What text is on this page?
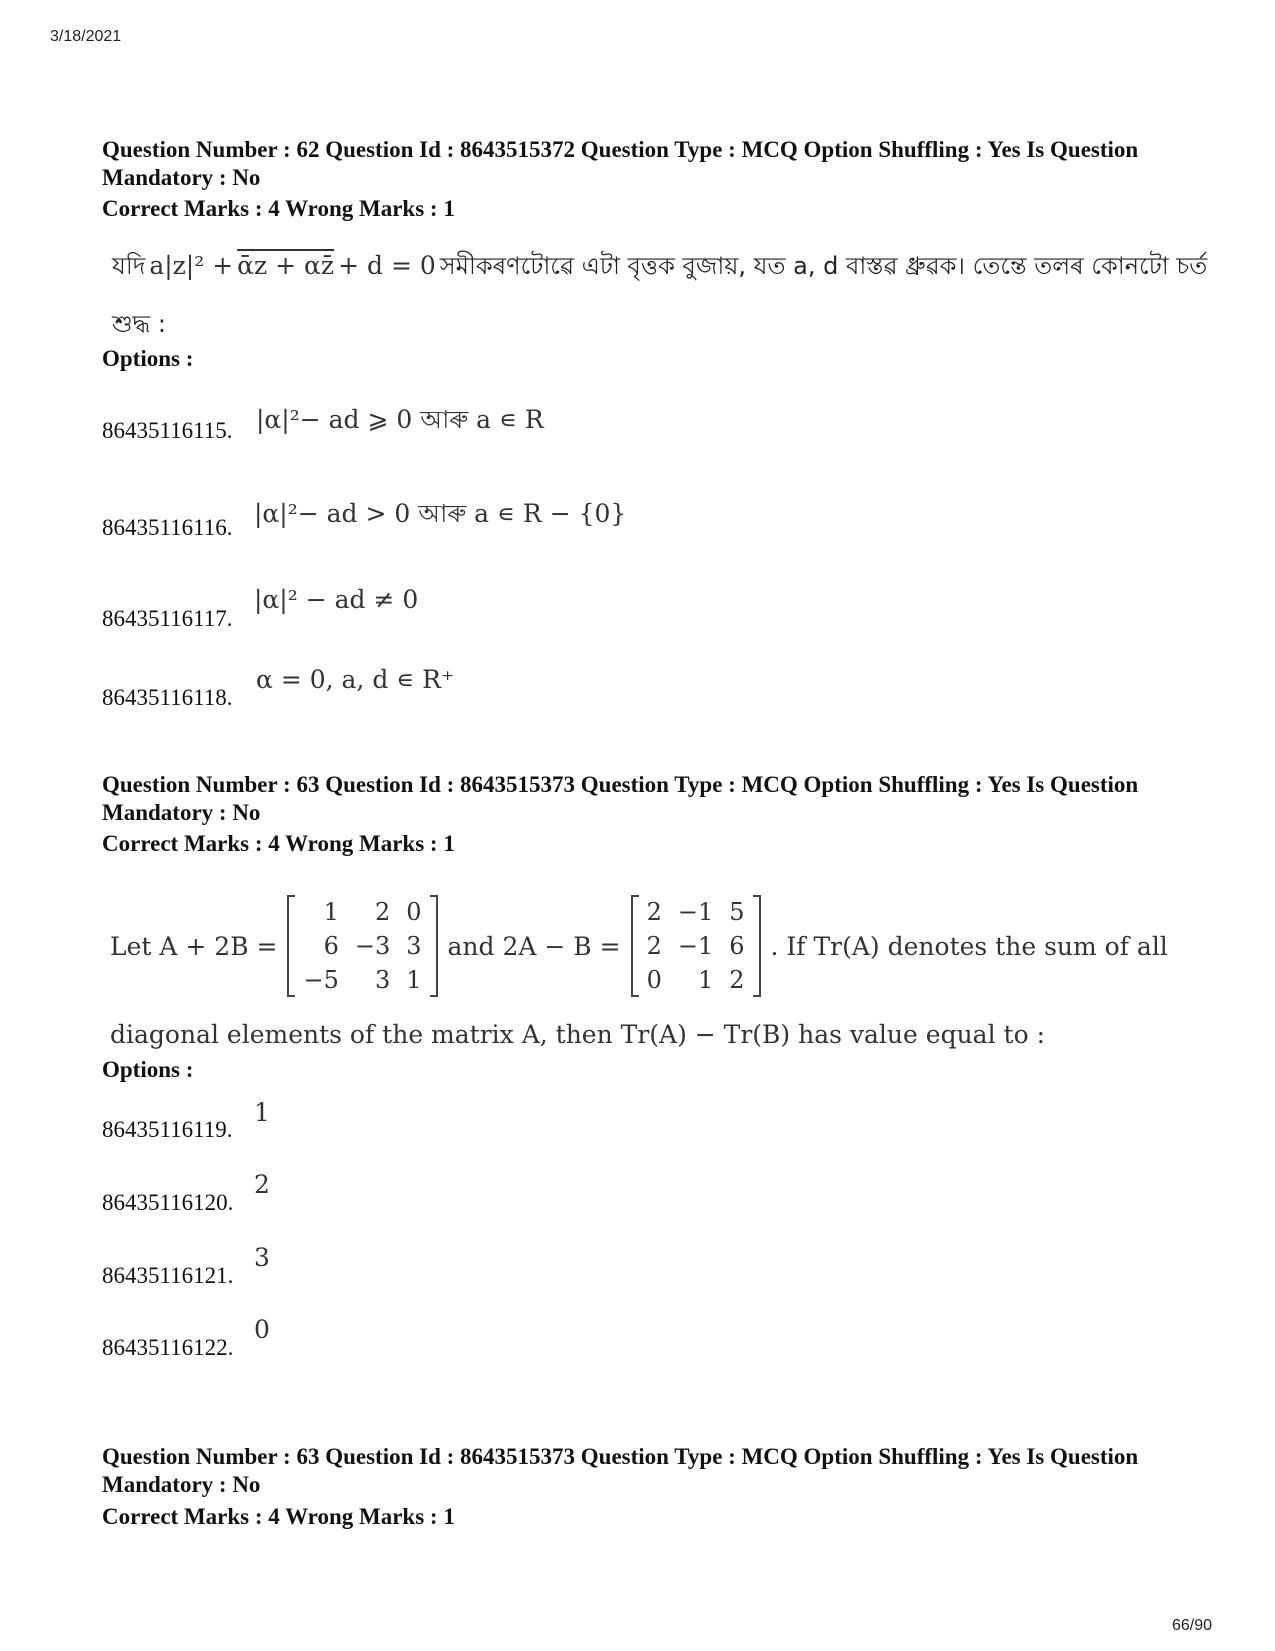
3/18/2021
66/90
Question Number : 62 Question Id : 8643515372 Question Type : MCQ Option Shuffling : Yes Is Question Mandatory : No
Correct Marks : 4 Wrong Marks : 1
যদি a|z|² + ᾱz + αz̄ + d = 0 সমীকৰণটোৱে এটা বৃত্তক বুজায়, যত a, d বাস্তৱ ধ্ৰুৱক। তেন্তে তলৰ কোনটো চৰ্ত
শুদ্ধ :
Options :
86435116115. |α|²− ad ⩾ 0 আৰু a ∊ R
86435116116. |α|²− ad > 0 আৰু a ∊ R − {0}
86435116117.
|α|² − ad ≠ 0
86435116118.
α = 0, a, d ∊ R⁺
Question Number : 63 Question Id : 8643515373 Question Type : MCQ Option Shuffling : Yes Is Question Mandatory : No
Correct Marks : 4 Wrong Marks : 1
Let A + 2B =
1	2	0
6	−3	3
−5	3	1
and 2A − B =
2	−1	5
2	−1	6
0	1	2
. If Tr(A) denotes the sum of all
diagonal elements of the matrix A, then Tr(A) − Tr(B) has value equal to :
Options :
86435116119.
1
86435116120.
2
86435116121.
3
86435116122.
0
Question Number : 63 Question Id : 8643515373 Question Type : MCQ Option Shuffling : Yes Is Question Mandatory : No
Correct Marks : 4 Wrong Marks : 1
